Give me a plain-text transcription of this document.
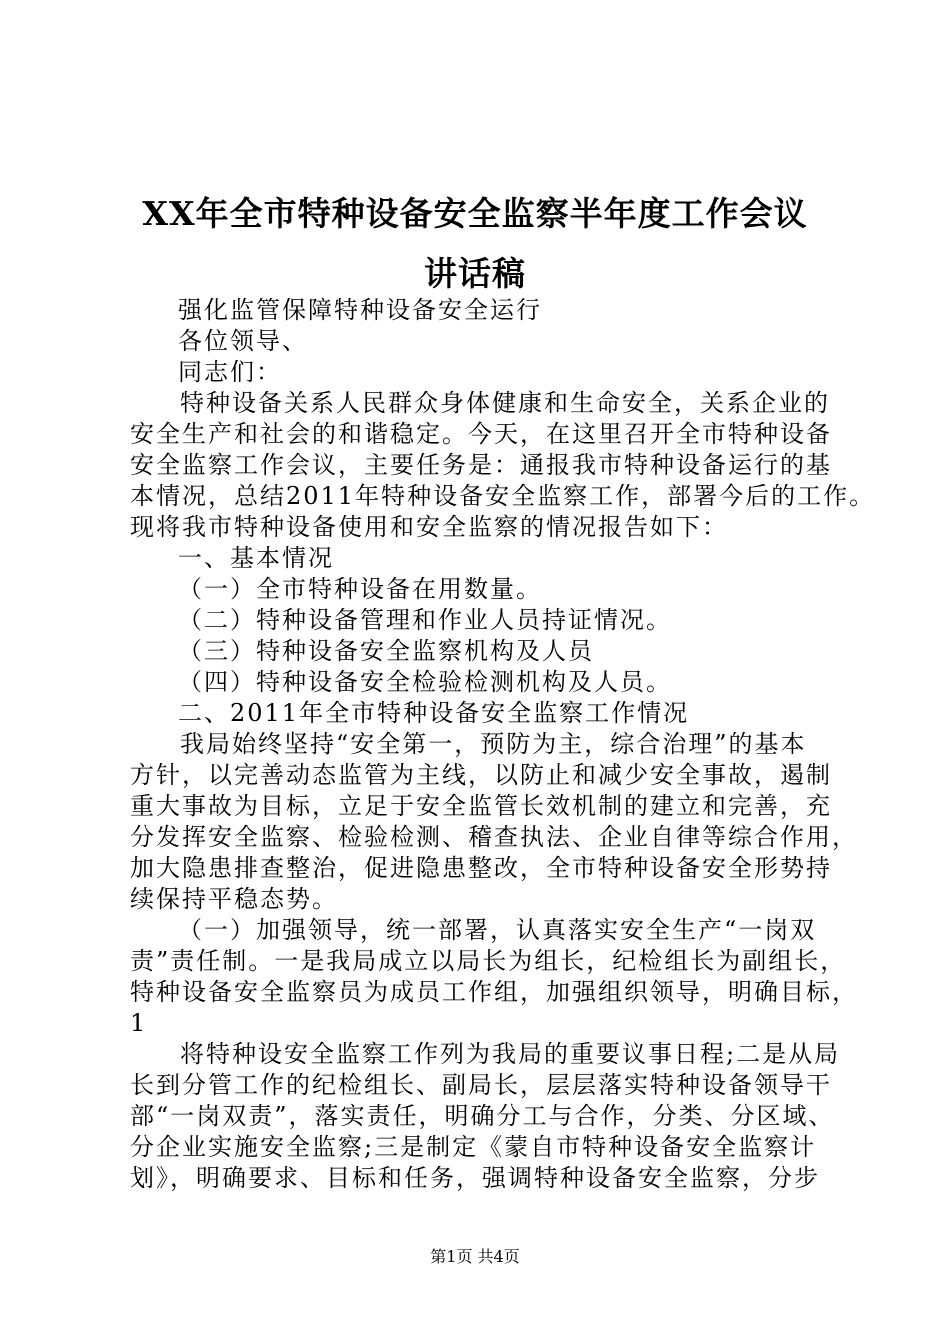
XX年全市特种设备安全监察半年度工作会议
讲话稿
强化监管保障特种设备安全运行
各位领导、
同志们：
特种设备关系人民群众身体健康和生命安全，关系企业的
安全生产和社会的和谐稳定。今天，在这里召开全市特种设备
安全监察工作会议，主要任务是：通报我市特种设备运行的基
本情况，总结2011年特种设备安全监察工作，部署今后的工作。
现将我市特种设备使用和安全监察的情况报告如下：
一、基本情况
（一）全市特种设备在用数量。
（二）特种设备管理和作业人员持证情况。
（三）特种设备安全监察机构及人员
（四）特种设备安全检验检测机构及人员。
二、2011年全市特种设备安全监察工作情况
我局始终坚持“安全第一，预防为主，综合治理”的基本
方针，以完善动态监管为主线，以防止和减少安全事故，遏制
重大事故为目标，立足于安全监管长效机制的建立和完善，充
分发挥安全监察、检验检测、稽查执法、企业自律等综合作用，
加大隐患排查整治，促进隐患整改，全市特种设备安全形势持
续保持平稳态势。
（一）加强领导，统一部署，认真落实安全生产“一岗双
责”责任制。一是我局成立以局长为组长，纪检组长为副组长，
特种设备安全监察员为成员工作组，加强组织领导，明确目标，
1
将特种设安全监察工作列为我局的重要议事日程;二是从局
长到分管工作的纪检组长、副局长，层层落实特种设备领导干
部“一岗双责”，落实责任，明确分工与合作，分类、分区域、
分企业实施安全监察;三是制定《蒙自市特种设备安全监察计
划》，明确要求、目标和任务，强调特种设备安全监察，分步
第1页 共4页
